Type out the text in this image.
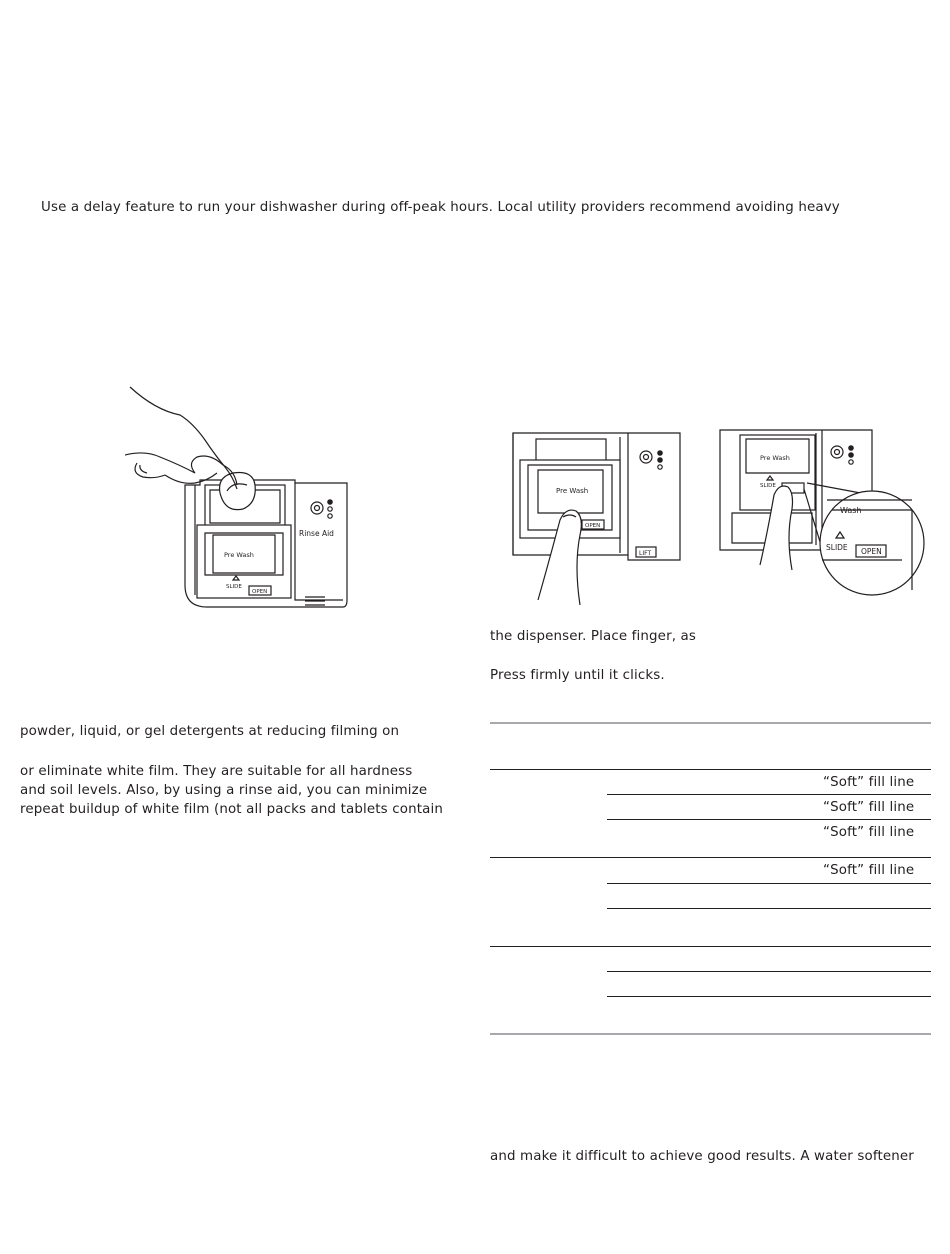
Use a delay feature to run your dishwasher during off-peak hours. Local utility providers recommend avoiding heavy
Rinse Aid
Pre Wash
SLIDE
OPEN
Pre Wash
OPEN
LIFT
Pre Wash
SLIDE
Wash
SLIDE OPEN
the dispenser. Place finger, as
Press firmly until it clicks.
powder, liquid, or gel detergents at reducing filming on
or eliminate white film. They are suitable for all hardness
and soil levels. Also, by using a rinse aid, you can minimize
repeat buildup of white film (not all packs and tablets contain
“Soft” fill line
“Soft” fill line
“Soft” fill line
“Soft” fill line
and make it difficult to achieve good results. A water softener
